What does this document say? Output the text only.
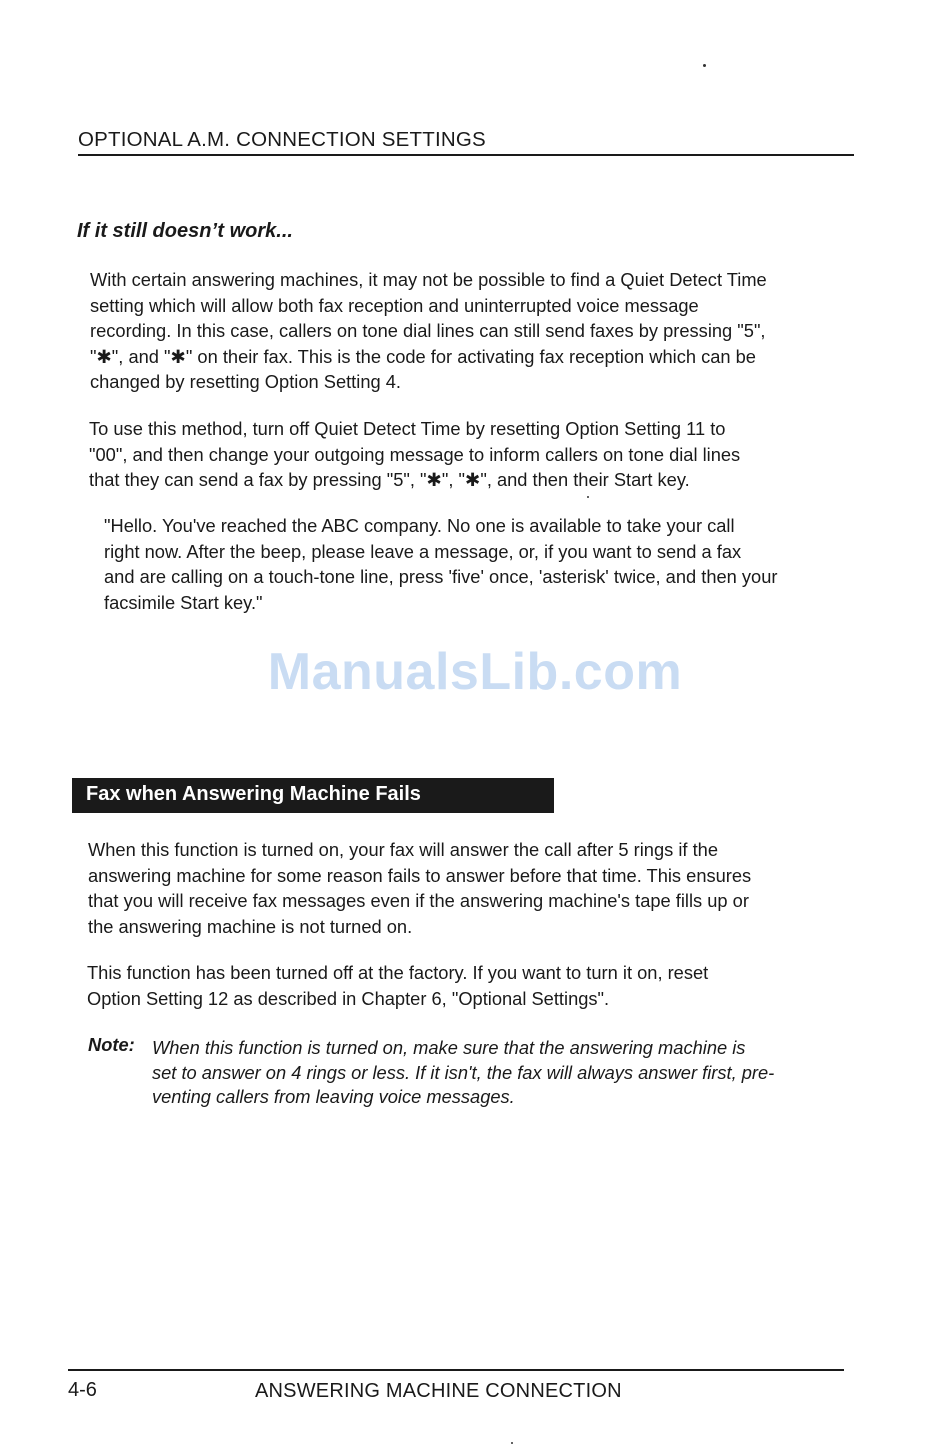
OPTIONAL A.M. CONNECTION SETTINGS
If it still doesn’t work...
With certain answering machines, it may not be possible to find a Quiet Detect Time
setting which will allow both fax reception and uninterrupted voice message
recording. In this case, callers on tone dial lines can still send faxes by pressing "5",
"✱", and "✱" on their fax. This is the code for activating fax reception which can be
changed by resetting Option Setting 4.
To use this method, turn off Quiet Detect Time by resetting Option Setting 11 to
"00", and then change your outgoing message to inform callers on tone dial lines
that they can send a fax by pressing "5", "✱", "✱", and then their Start key.
"Hello. You've reached the ABC company. No one is available to take your call
right now. After the beep, please leave a message, or, if you want to send a fax
and are calling on a touch-tone line, press 'five' once, 'asterisk' twice, and then your
facsimile Start key."
ManualsLib.com
Fax when Answering Machine Fails
When this function is turned on, your fax will answer the call after 5 rings if the
answering machine for some reason fails to answer before that time. This ensures
that you will receive fax messages even if the answering machine's tape fills up or
the answering machine is not turned on.
This function has been turned off at the factory. If you want to turn it on, reset
Option Setting 12 as described in Chapter 6, "Optional Settings".
Note: When this function is turned on, make sure that the answering machine is
set to answer on 4 rings or less. If it isn't, the fax will always answer first, pre-
venting callers from leaving voice messages.
4-6	ANSWERING MACHINE CONNECTION
